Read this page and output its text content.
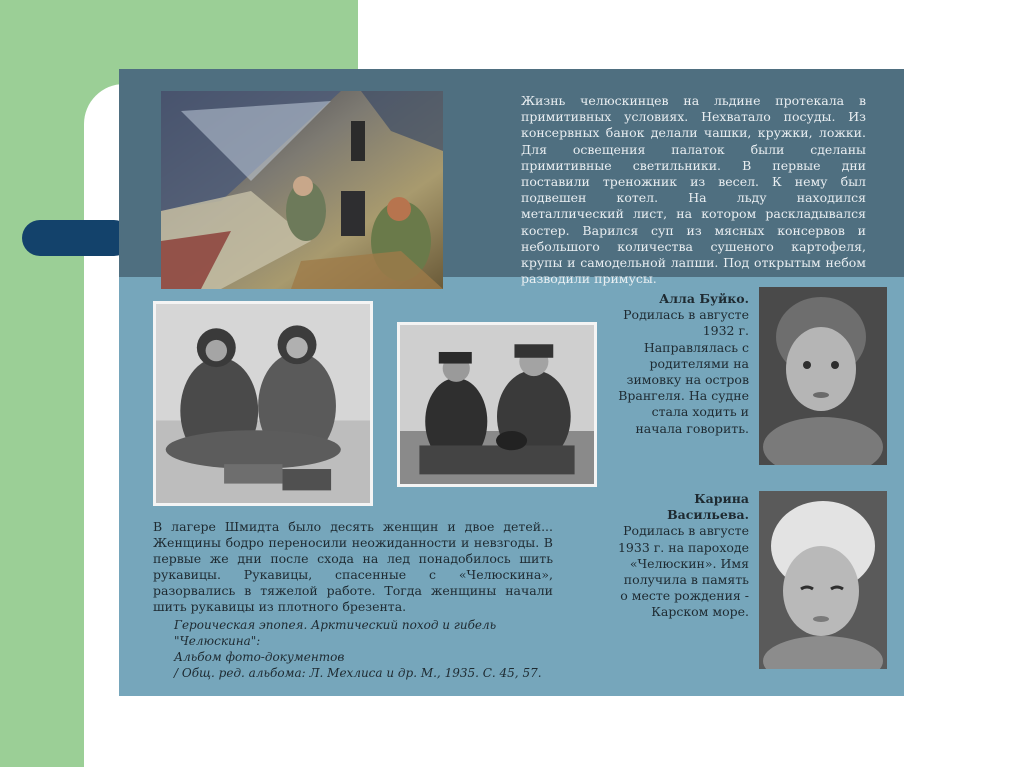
Жизнь челюскинцев на льдине протекала в примитивных условиях. Нехватало посуды. Из консервных банок делали чашки, кружки, ложки. Для освещения палаток были сделаны примитивные светильники. В первые дни поставили треножник из весел. К нему был подвешен котел. На льду находился металлический лист, на котором раскладывался костер. Варился суп из мясных консервов и небольшого количества сушеного картофеля, крупы и самодельной лапши. Под открытым небом разводили примусы.
Алла Буйко. Родилась в августе 1932 г. Направлялась с родителями на зимовку на остров Врангеля. На судне стала ходить и начала говорить.
Карина Васильева. Родилась в августе 1933 г. на пароходе «Челюскин». Имя получила в память о месте рождения - Карском море.
В лагере Шмидта было десять женщин и двое детей... Женщины бодро переносили неожиданности и невзгоды. В первые же дни после схода на лед понадобилось шить рукавицы. Рукавицы, спасенные с «Челюскина», разорвались в тяжелой работе. Тогда женщины начали шить рукавицы из плотного брезента.
Героическая эпопея. Арктический поход и гибель "Челюскина":
Альбом фото-документов
/ Общ. ред. альбома: Л. Мехлиса и др. М., 1935. С. 45, 57.
